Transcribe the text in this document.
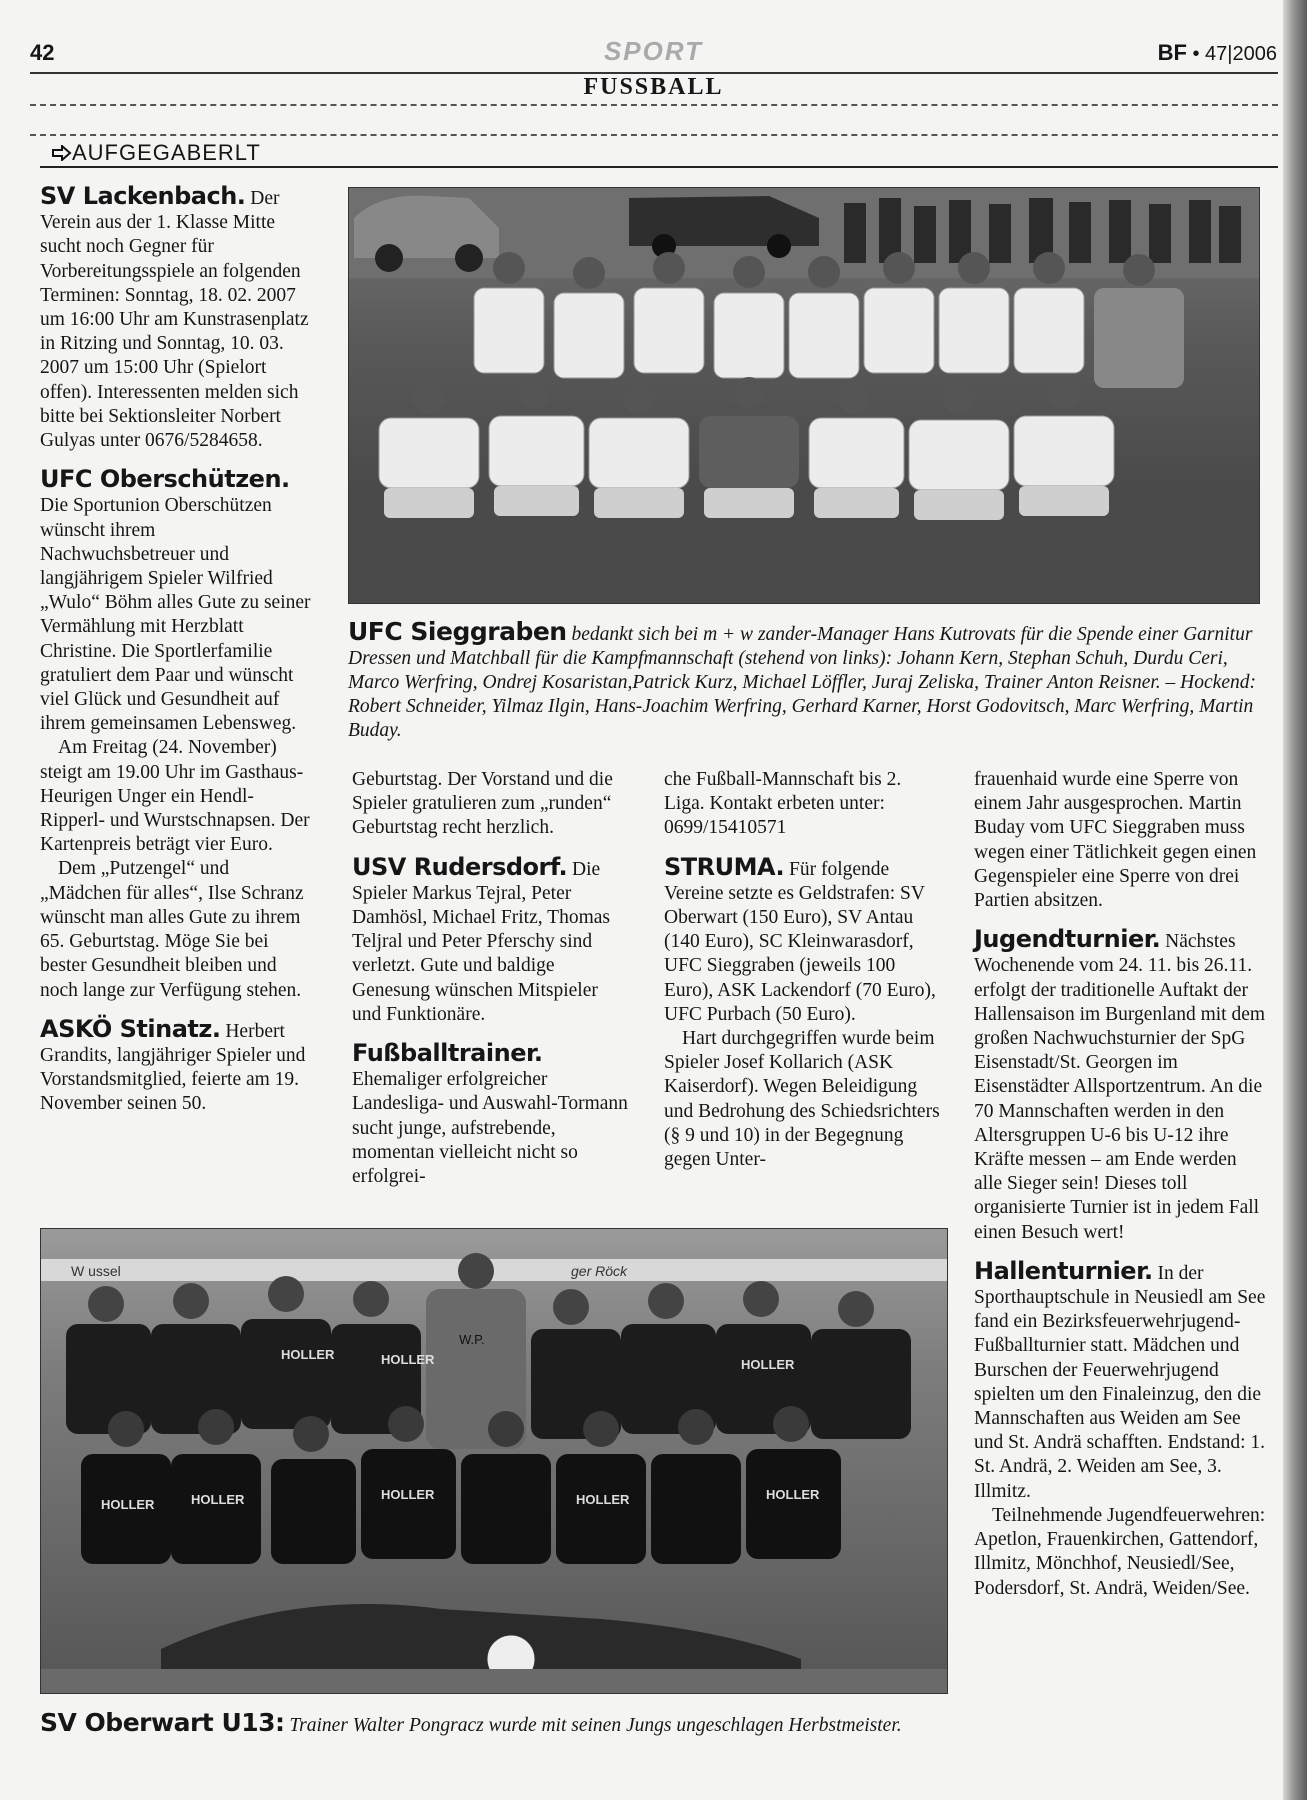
42	SPORT	BF • 47|2006
FUSSBALL
AUFGEGABERLT

SV Lackenbach. Der Verein aus der 1. Klasse Mitte sucht noch Gegner für Vorbereitungsspiele an folgenden Terminen: Sonntag, 18. 02. 2007 um 16:00 Uhr am Kunstrasenplatz in Ritzing und Sonntag, 10. 03. 2007 um 15:00 Uhr (Spielort offen). Interessenten melden sich bitte bei Sektionsleiter Norbert Gulyas unter 0676/5284658.

UFC Oberschützen. Die Sportunion Oberschützen wünscht ihrem Nachwuchsbetreuer und langjährigem Spieler Wilfried „Wulo“ Böhm alles Gute zu seiner Vermählung mit Herzblatt Christine. Die Sportlerfamilie gratuliert dem Paar und wünscht viel Glück und Gesundheit auf ihrem gemeinsamen Lebensweg.

Am Freitag (24. November) steigt am 19.00 Uhr im Gasthaus-Heurigen Unger ein Hendl- Ripperl- und Wurstschnapsen. Der Kartenpreis beträgt vier Euro.

Dem „Putzengel“ und „Mädchen für alles“, Ilse Schranz wünscht man alles Gute zu ihrem 65. Geburtstag. Möge Sie bei bester Gesundheit bleiben und noch lange zur Verfügung stehen.

ASKÖ Stinatz. Herbert Grandits, langjähriger Spieler und Vorstandsmitglied, feierte am 19. November seinen 50.

UFC Sieggraben bedankt sich bei m + w zander-Manager Hans Kutrovats für die Spende einer Garnitur Dressen und Matchball für die Kampfmannschaft (stehend von links): Johann Kern, Stephan Schuh, Durdu Ceri, Marco Werfring, Ondrej Kosaristan,Patrick Kurz, Michael Löffler, Juraj Zeliska, Trainer Anton Reisner. – Hockend: Robert Schneider, Yilmaz Ilgin, Hans-Joachim Werfring, Gerhard Karner, Horst Godovitsch, Marc Werfring, Martin Buday.

Geburtstag. Der Vorstand und die Spieler gratulieren zum „runden“ Geburtstag recht herzlich.

USV Rudersdorf. Die Spieler Markus Tejral, Peter Damhösl, Michael Fritz, Thomas Teljral und Peter Pferschy sind verletzt. Gute und baldige Genesung wünschen Mitspieler und Funktionäre.

Fußballtrainer. Ehemaliger erfolgreicher Landesliga- und Auswahl-Tormann sucht junge, aufstrebende, momentan vielleicht nicht so erfolgrei-

che Fußball-Mannschaft bis 2. Liga. Kontakt erbeten unter: 0699/15410571

STRUMA. Für folgende Vereine setzte es Geldstrafen: SV Oberwart (150 Euro), SV Antau (140 Euro), SC Kleinwarasdorf, UFC Sieggraben (jeweils 100 Euro), ASK Lackendorf (70 Euro), UFC Purbach (50 Euro).

Hart durchgegriffen wurde beim Spieler Josef Kollarich (ASK Kaiserdorf). Wegen Beleidigung und Bedrohung des Schiedsrichters (§ 9 und 10) in der Begegnung gegen Unter-

frauenhaid wurde eine Sperre von einem Jahr ausgesprochen. Martin Buday vom UFC Sieggraben muss wegen einer Tätlichkeit gegen einen Gegenspieler eine Sperre von drei Partien absitzen.

Jugendturnier. Nächstes Wochenende vom 24. 11. bis 26.11. erfolgt der traditionelle Auftakt der Hallensaison im Burgenland mit dem großen Nachwuchsturnier der SpG Eisenstadt/St. Georgen im Eisenstädter Allsportzentrum. An die 70 Mannschaften werden in den Altersgruppen U-6 bis U-12 ihre Kräfte messen – am Ende werden alle Sieger sein! Dieses toll organisierte Turnier ist in jedem Fall einen Besuch wert!

Hallenturnier. In der Sporthauptschule in Neusiedl am See fand ein Bezirksfeuerwehrjugend-Fußballturnier statt. Mädchen und Burschen der Feuerwehrjugend spielten um den Finaleinzug, den die Mannschaften aus Weiden am See und St. Andrä schafften. Endstand: 1. St. Andrä, 2. Weiden am See, 3. Illmitz.

Teilnehmende Jugendfeuerwehren: Apetlon, Frauenkirchen, Gattendorf, Illmitz, Mönchhof, Neusiedl/See, Podersdorf, St. Andrä, Weiden/See.

W ussel	ger Röck
W.P.
HOLLER	HOLLER	HOLLER
HOLLER	HOLLER	HOLLER	HOLLER	HOLLER
SV Oberwart U13: Trainer Walter Pongracz wurde mit seinen Jungs ungeschlagen Herbstmeister.
